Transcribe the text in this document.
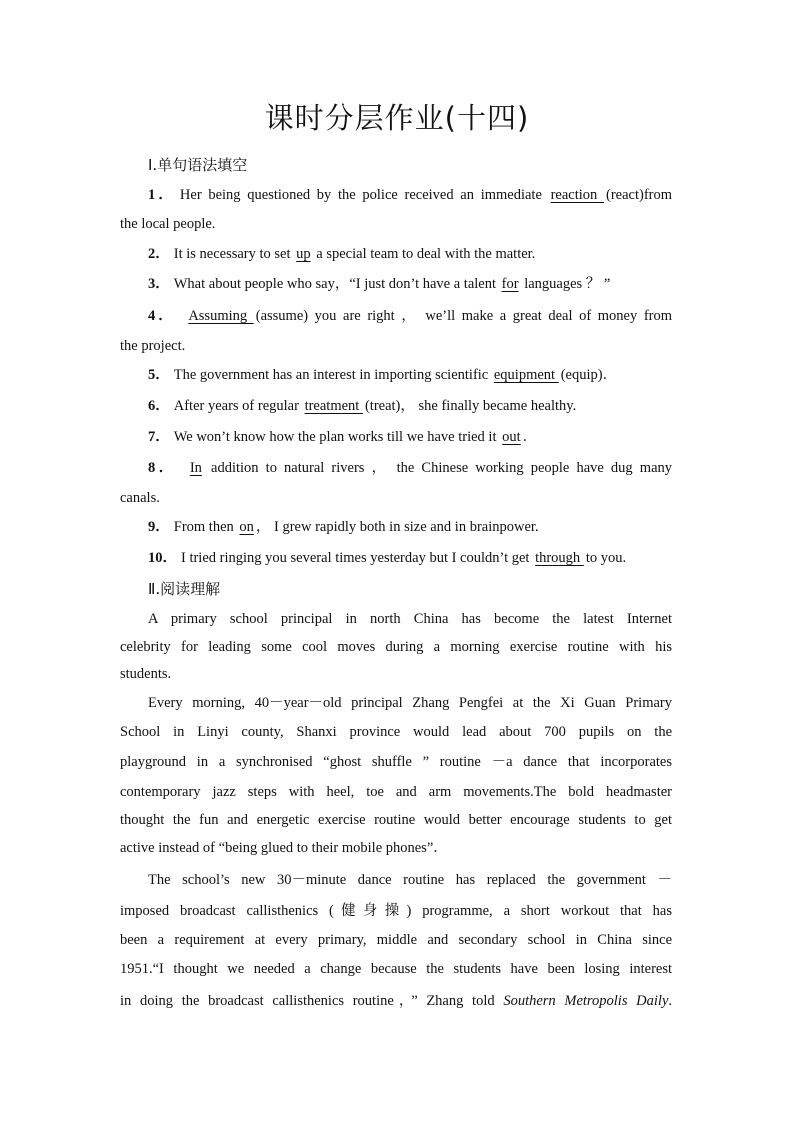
课时分层作业(十四)
Ⅰ.单句语法填空
1． Her being questioned by the police received an immediate reaction (react)from
the local people.
2． It is necessary to set up a special team to deal with the matter.
3． What about people who say，“I just don’t have a talent for languages ？ ”
4． Assuming (assume) you are right ， we’ll make a great deal of money from
the project.
5． The government has an interest in importing scientific equipment (equip)．
6． After years of regular treatment (treat)， she finally became healthy.
7． We won’t know how the plan works till we have tried it out ．
8． In addition to natural rivers ， the Chinese working people have dug many
canals.
9． From then on ， I grew rapidly both in size and in brainpower.
10． I tried ringing you several times yesterday but I couldn’t get through to you.
A primary school principal in north China has become the latest Internet
celebrity for leading some cool moves during a morning exercise routine with his
students.
Every morning, 40－year－old principal Zhang Pengfei at the Xi Guan Primary
School in Linyi county, Shanxi province would lead about 700 pupils on the
playground in a synchronised “ghost shuffle ” routine －a dance that incorporates
contemporary jazz steps with heel, toe and arm movements.The bold headmaster
thought the fun and energetic exercise routine would better encourage students to get
active instead of “being glued to their mobile phones”．
The school’s new 30－minute dance routine has replaced the government －
imposed broadcast callisthenics (健身操) programme, a short workout that has
been a requirement at every primary, middle and secondary school in China since
1951.“I thought we needed a change because the students have been losing interest
in doing the broadcast callisthenics routine，” Zhang told Southern Metropolis Daily.
Ⅱ.阅读理解
